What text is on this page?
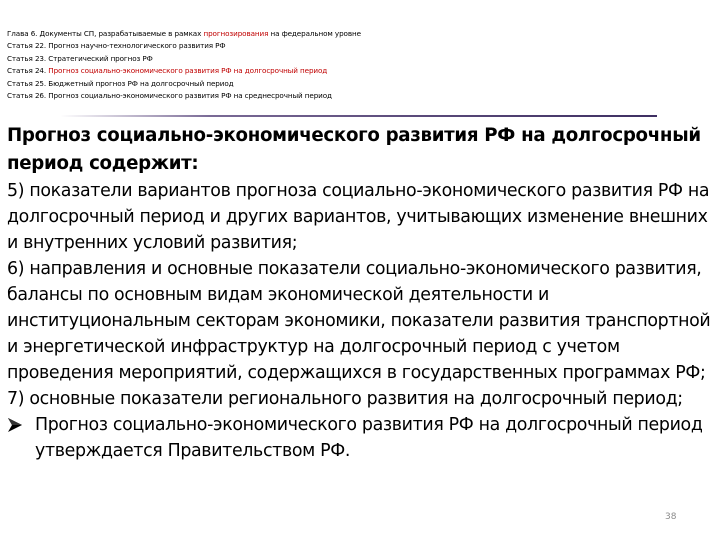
Глава 6. Документы СП, разрабатываемые в рамках прогнозирования на федеральном уровне
Статья 22. Прогноз научно-технологического развития РФ
Статья 23. Стратегический прогноз РФ
Статья 24. Прогноз социально-экономического развития РФ на долгосрочный период
Статья 25. Бюджетный прогноз РФ на долгосрочный период
Статья 26. Прогноз социально-экономического развития РФ на среднесрочный период
Прогноз социально-экономического развития РФ на долгосрочный период содержит:

5) показатели вариантов прогноза социально-экономического развития РФ на долгосрочный период и других вариантов, учитывающих изменение внешних и внутренних условий развития;

6) направления и основные показатели социально-экономического развития, балансы по основным видам экономической деятельности и институциональным секторам экономики, показатели развития транспортной и энергетической инфраструктур на долгосрочный период с учетом проведения мероприятий, содержащихся в государственных программах РФ;

7) основные показатели регионального развития на долгосрочный период;

Прогноз социально-экономического развития РФ на долгосрочный период утверждается Правительством РФ.
38
